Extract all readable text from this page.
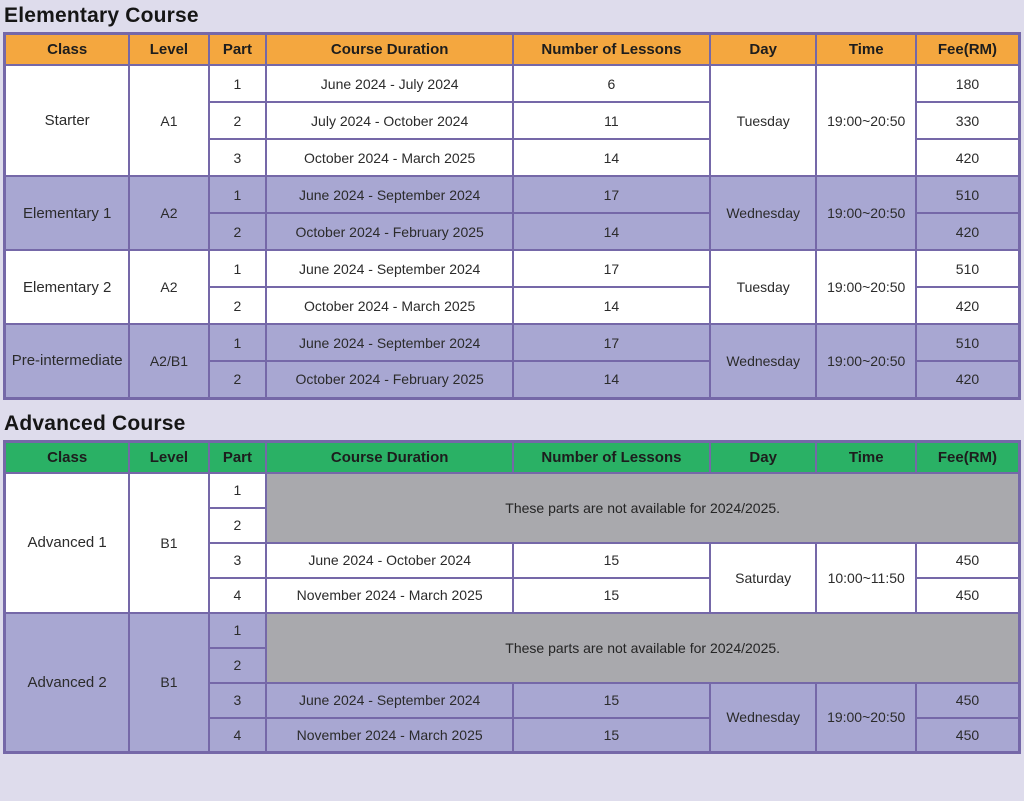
Elementary Course
Class	Level	Part	Course Duration	Number of Lessons	Day	Time	Fee(RM)
Starter	A1	1	June 2024 - July 2024	6	Tuesday	19:00~20:50	180
		2	July 2024 - October 2024	11			330
		3	October 2024 - March 2025	14			420
Elementary 1	A2	1	June 2024 - September 2024	17	Wednesday	19:00~20:50	510
		2	October 2024 - February 2025	14			420
Elementary 2	A2	1	June 2024 - September 2024	17	Tuesday	19:00~20:50	510
		2	October 2024 - March 2025	14			420
Pre-intermediate	A2/B1	1	June 2024 - September 2024	17	Wednesday	19:00~20:50	510
		2	October 2024 - February 2025	14			420
Advanced Course
Class	Level	Part	Course Duration	Number of Lessons	Day	Time	Fee(RM)
Advanced 1	B1	1	These parts are not available for 2024/2025.				
		2					
		3	June 2024 - October 2024	15	Saturday	10:00~11:50	450
		4	November 2024 - March 2025	15			450
Advanced 2	B1	1	These parts are not available for 2024/2025.				
		2					
		3	June 2024 - September 2024	15	Wednesday	19:00~20:50	450
		4	November 2024 - March 2025	15			450
